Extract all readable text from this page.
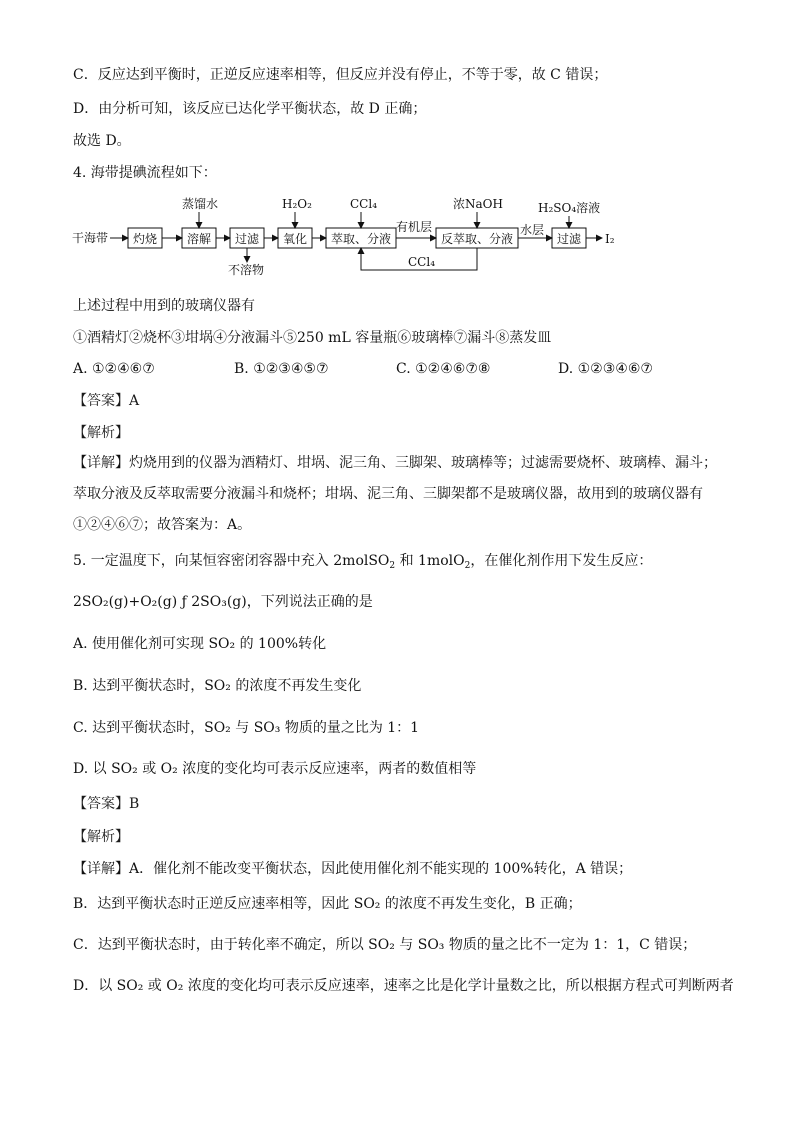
C．反应达到平衡时，正逆反应速率相等，但反应并没有停止，不等于零，故 C 错误；
D．由分析可知，该反应已达化学平衡状态，故 D 正确；
故选 D。
4. 海带提碘流程如下：
干海带 灼烧 溶解 过滤 氧化 萃取、分液	反萃取、分液	过滤 I₂
蒸馏水	H₂O₂	CCl₄	浓NaOH	H₂SO₄溶液
不溶物
有机层	水层
CCl₄
上述过程中用到的玻璃仪器有
①酒精灯②烧杯③坩埚④分液漏斗⑤250 mL 容量瓶⑥玻璃棒⑦漏斗⑧蒸发皿
A. ①②④⑥⑦	B. ①②③④⑤⑦	C. ①②④⑥⑦⑧	D. ①②③④⑥⑦
【答案】A
【解析】
【详解】灼烧用到的仪器为酒精灯、坩埚、泥三角、三脚架、玻璃棒等；过滤需要烧杯、玻璃棒、漏斗；
萃取分液及反萃取需要分液漏斗和烧杯；坩埚、泥三角、三脚架都不是玻璃仪器，故用到的玻璃仪器有
①②④⑥⑦；故答案为：A。
5. 一定温度下，向某恒容密闭容器中充入 2molSO$_2$ 和 1molO$_2$，在催化剂作用下发生反应：
2SO₂(g)+O₂(g) ƒ 2SO₃(g)，下列说法正确的是
A. 使用催化剂可实现 SO₂ 的 100%转化
B. 达到平衡状态时，SO₂ 的浓度不再发生变化
C. 达到平衡状态时，SO₂ 与 SO₃ 物质的量之比为 1：1
D. 以 SO₂ 或 O₂ 浓度的变化均可表示反应速率，两者的数值相等
【答案】B
【解析】
【详解】A．催化剂不能改变平衡状态，因此使用催化剂不能实现的 100%转化，A 错误；
B．达到平衡状态时正逆反应速率相等，因此 SO₂ 的浓度不再发生变化，B 正确；
C．达到平衡状态时，由于转化率不确定，所以 SO₂ 与 SO₃ 物质的量之比不一定为 1：1，C 错误；
D．以 SO₂ 或 O₂ 浓度的变化均可表示反应速率，速率之比是化学计量数之比，所以根据方程式可判断两者
